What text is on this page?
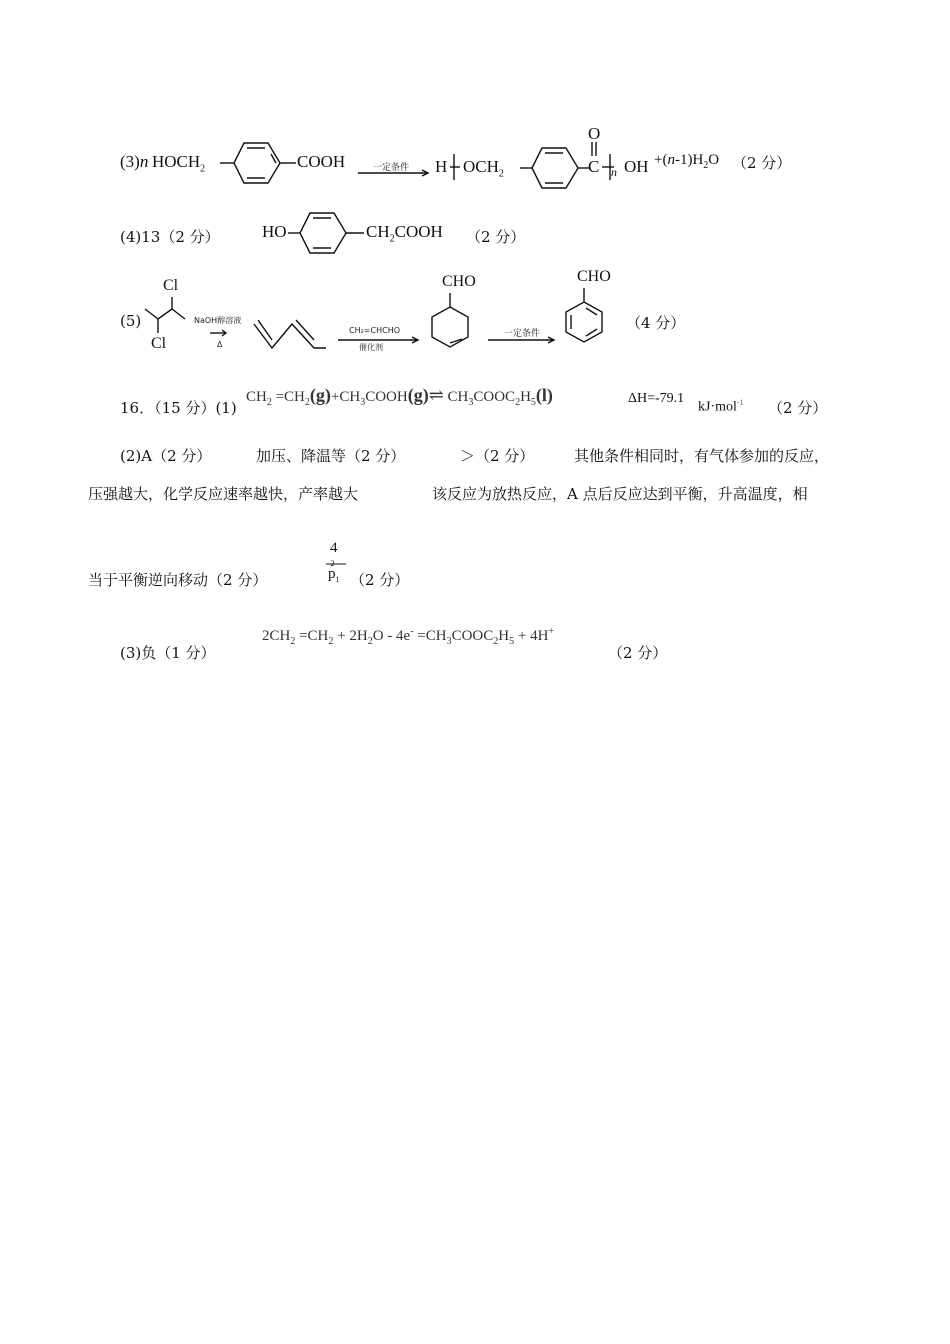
(3)n $HOCH_2$	COOH	一定条件 H $OCH_2$
O
C n OH $+(n-1)H_2O$ （2 分）
(4)13（2 分） HO	$CH_2COOH$ （2 分）
(5)
Cl
Cl
NaOH醇溶液
Δ
CH₂=CHCHO
催化剂
CHO
一定条件
CHO
（4 分）
16．（15 分）(1)
$CH_2$ $=CH_2(g)+CH_3COOH(g)\rightleftharpoons$ $CH_3COOC_2H_5(l)$	ΔH=-79.1
kJ·mol$^{-1}$ （2 分）
(2)A（2 分）	加压、降温等（2 分）	＞（2 分）	其他条件相同时，有气体参加的反应，
压强越大，化学反应速率越快，产率越大	该反应为放热反应，A 点后反应达到平衡，升高温度，相
当于平衡逆向移动（2 分）
4
$p_1$
2
（2 分）
(3)负（1 分）
$2CH_2 =CH_2 + 2H_2O - 4e^-$ $=CH_3COOC_2H_5 + 4H^+$
（2 分）
